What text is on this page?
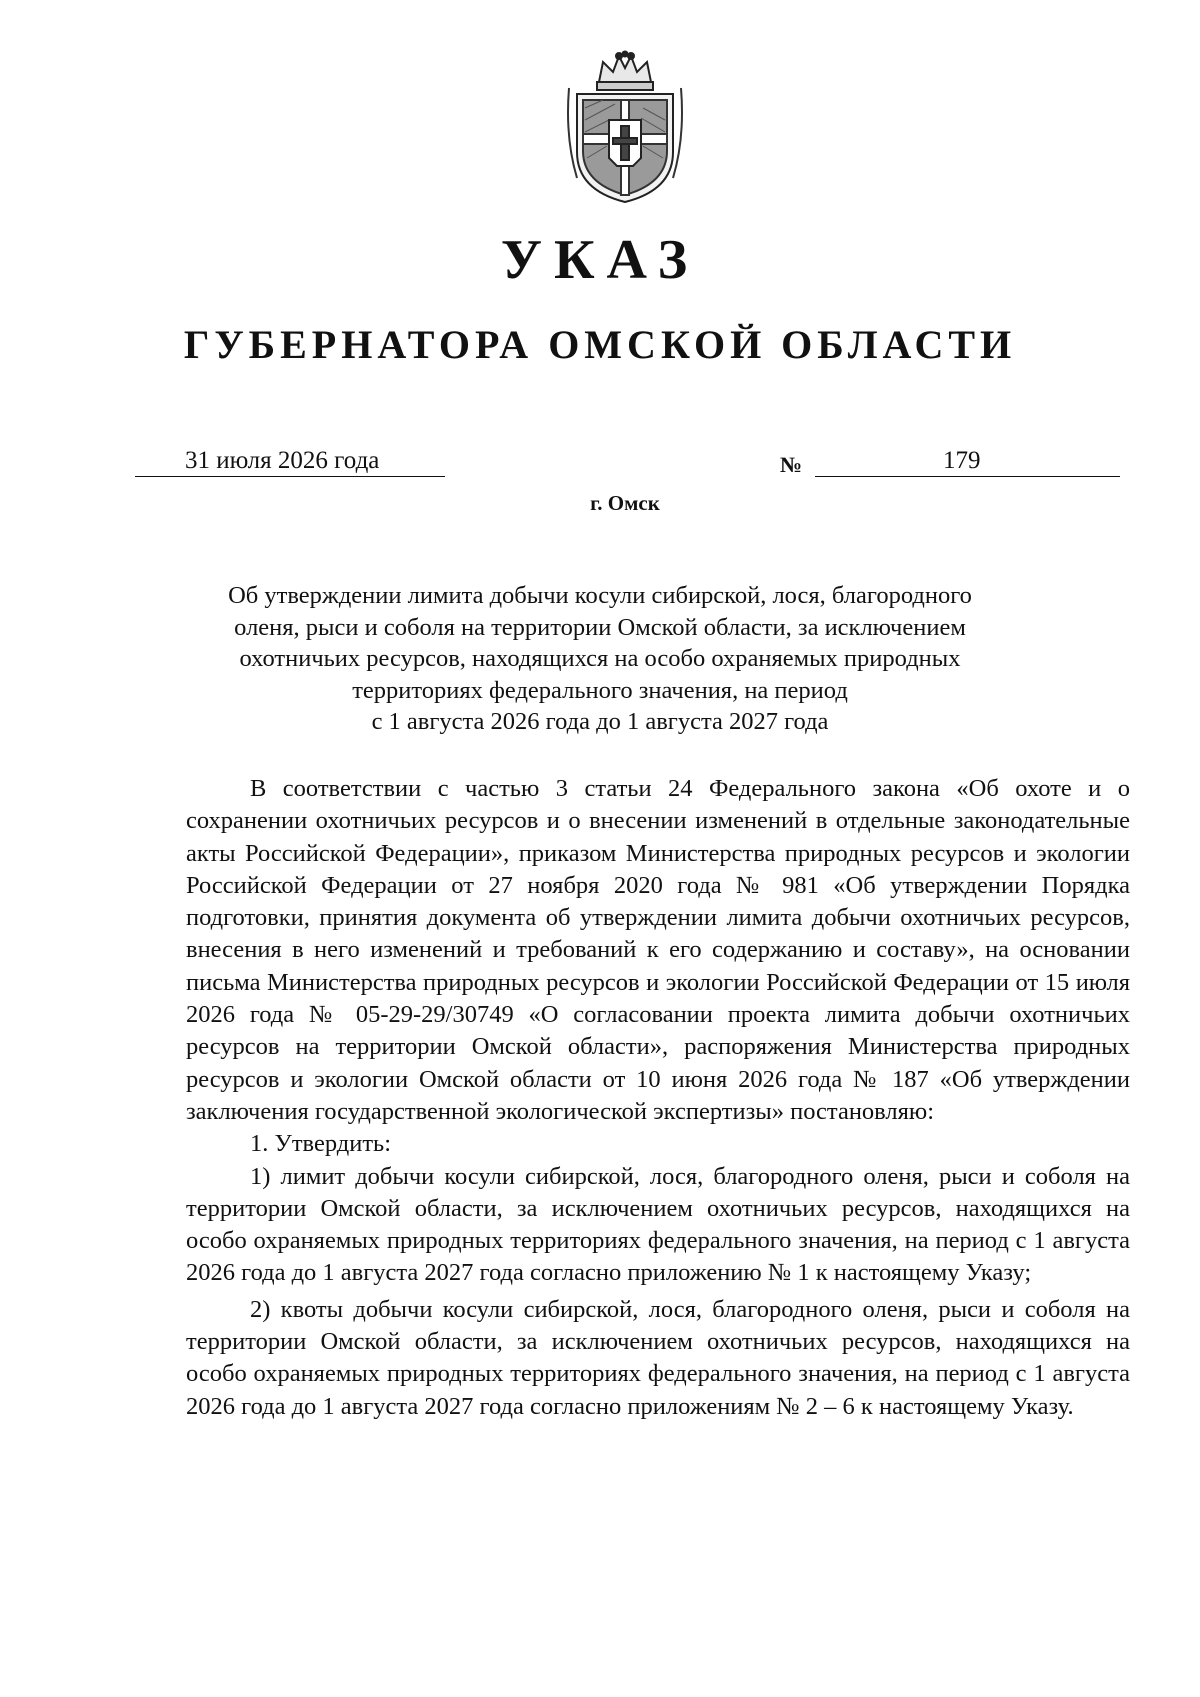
УКАЗ
ГУБЕРНАТОРА ОМСКОЙ ОБЛАСТИ
31 июля 2026 года	№	179
г. Омск
Об утверждении лимита добычи косули сибирской, лося, благородного
оленя, рыси и соболя на территории Омской области, за исключением
охотничьих ресурсов, находящихся на особо охраняемых природных
территориях федерального значения, на период
с 1 августа 2026 года до 1 августа 2027 года

В соответствии с частью 3 статьи 24 Федерального закона «Об охоте и о сохранении охотничьих ресурсов и о внесении изменений в отдельные законодательные акты Российской Федерации», приказом Министерства природных ресурсов и экологии Российской Федерации от 27 ноября 2020 года № 981 «Об утверждении Порядка подготовки, принятия документа об утверждении лимита добычи охотничьих ресурсов, внесения в него изменений и требований к его содержанию и составу», на основании письма Министерства природных ресурсов и экологии Российской Федерации от 15 июля 2026 года № 05-29-29/30749 «О согласовании проекта лимита добычи охотничьих ресурсов на территории Омской области», распоряжения Министерства природных ресурсов и экологии Омской области от 10 июня 2026 года № 187 «Об утверждении заключения государственной экологической экспертизы» постановляю:

1. Утвердить:

1) лимит добычи косули сибирской, лося, благородного оленя, рыси и соболя на территории Омской области, за исключением охотничьих ресурсов, находящихся на особо охраняемых природных территориях федерального значения, на период с 1 августа 2026 года до 1 августа 2027 года согласно приложению № 1 к настоящему Указу;

2) квоты добычи косули сибирской, лося, благородного оленя, рыси и соболя на территории Омской области, за исключением охотничьих ресурсов, находящихся на особо охраняемых природных территориях федерального значения, на период с 1 августа 2026 года до 1 августа 2027 года согласно приложениям № 2 – 6 к настоящему Указу.
